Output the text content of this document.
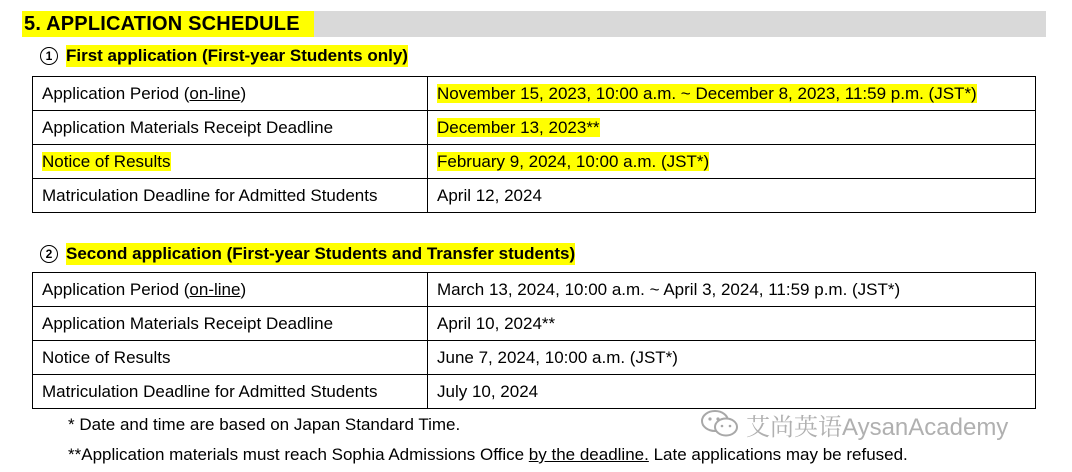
5. APPLICATION SCHEDULE
1 First application (First-year Students only)
Application Period (on-line)	November 15, 2023, 10:00 a.m. ~ December 8, 2023, 11:59 p.m. (JST*)
Application Materials Receipt Deadline	December 13, 2023**
Notice of Results	February 9, 2024, 10:00 a.m. (JST*)
Matriculation Deadline for Admitted Students	April 12, 2024
2 Second application (First-year Students and Transfer students)
Application Period (on-line)	March 13, 2024, 10:00 a.m. ~ April 3, 2024, 11:59 p.m. (JST*)
Application Materials Receipt Deadline	April 10, 2024**
Notice of Results	June 7, 2024, 10:00 a.m. (JST*)
Matriculation Deadline for Admitted Students	July 10, 2024
* Date and time are based on Japan Standard Time.
**Application materials must reach Sophia Admissions Office by the deadline. Late applications may be refused.
艾尚英语AysanAcademy
